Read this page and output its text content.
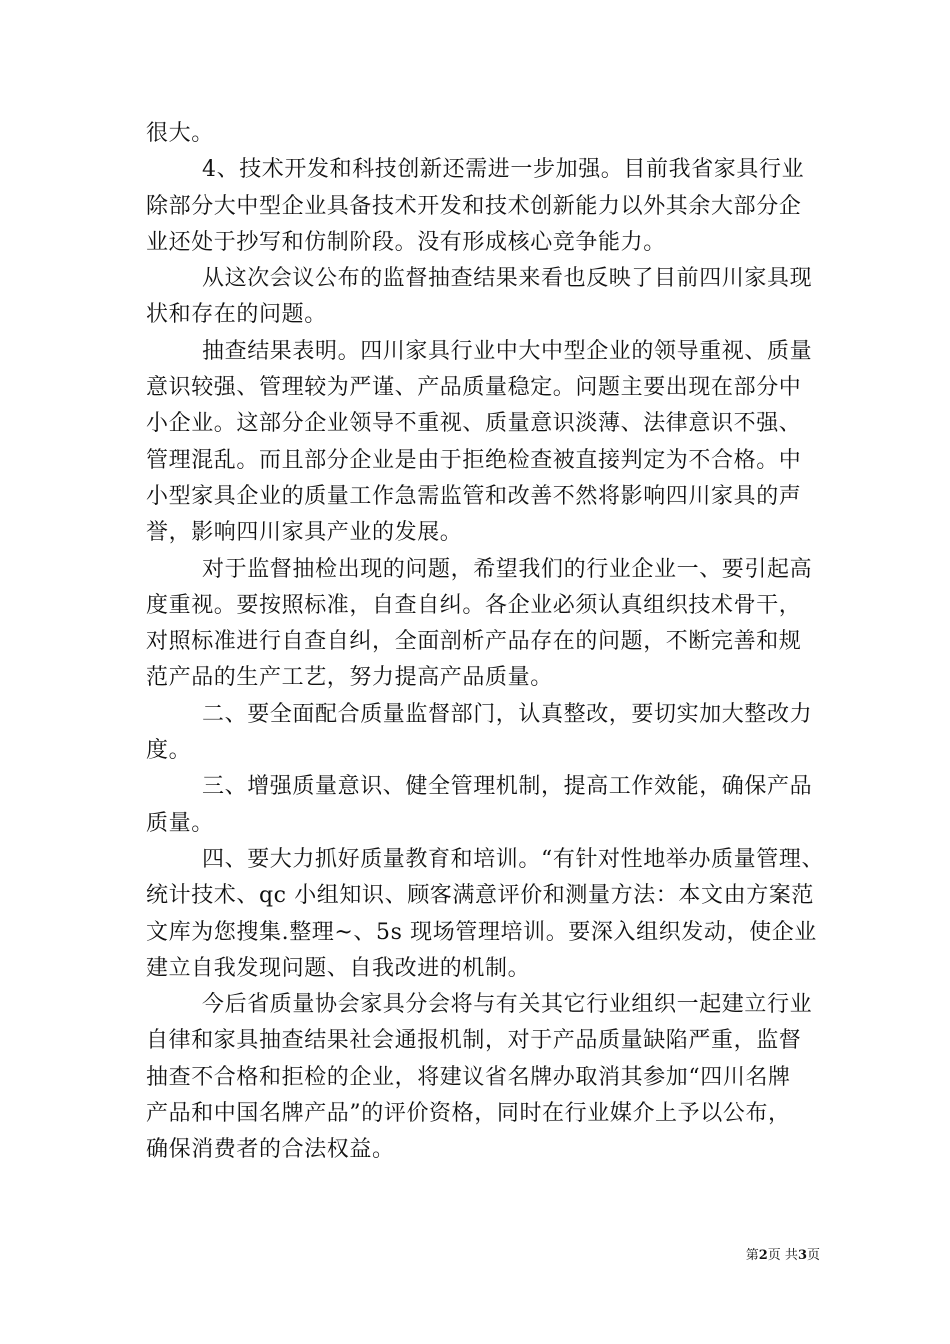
很大。
4、技术开发和科技创新还需进一步加强。目前我省家具行业
除部分大中型企业具备技术开发和技术创新能力以外其余大部分企
业还处于抄写和仿制阶段。没有形成核心竞争能力。
从这次会议公布的监督抽查结果来看也反映了目前四川家具现
状和存在的问题。
抽查结果表明。四川家具行业中大中型企业的领导重视、质量
意识较强、管理较为严谨、产品质量稳定。问题主要出现在部分中
小企业。这部分企业领导不重视、质量意识淡薄、法律意识不强、
管理混乱。而且部分企业是由于拒绝检查被直接判定为不合格。中
小型家具企业的质量工作急需监管和改善不然将影响四川家具的声
誉，影响四川家具产业的发展。
对于监督抽检出现的问题，希望我们的行业企业一、要引起高
度重视。要按照标准，自查自纠。各企业必须认真组织技术骨干，
对照标准进行自查自纠，全面剖析产品存在的问题，不断完善和规
范产品的生产工艺，努力提高产品质量。
二、要全面配合质量监督部门，认真整改，要切实加大整改力
度。
三、增强质量意识、健全管理机制，提高工作效能，确保产品
质量。
四、要大力抓好质量教育和培训。“有针对性地举办质量管理、
统计技术、qc 小组知识、顾客满意评价和测量方法：本文由方案范
文库为您搜集.整理~、5s 现场管理培训。要深入组织发动，使企业
建立自我发现问题、自我改进的机制。
今后省质量协会家具分会将与有关其它行业组织一起建立行业
自律和家具抽查结果社会通报机制，对于产品质量缺陷严重，监督
抽查不合格和拒检的企业，将建议省名牌办取消其参加“四川名牌
产品和中国名牌产品”的评价资格，同时在行业媒介上予以公布，
确保消费者的合法权益。
第2页 共3页
